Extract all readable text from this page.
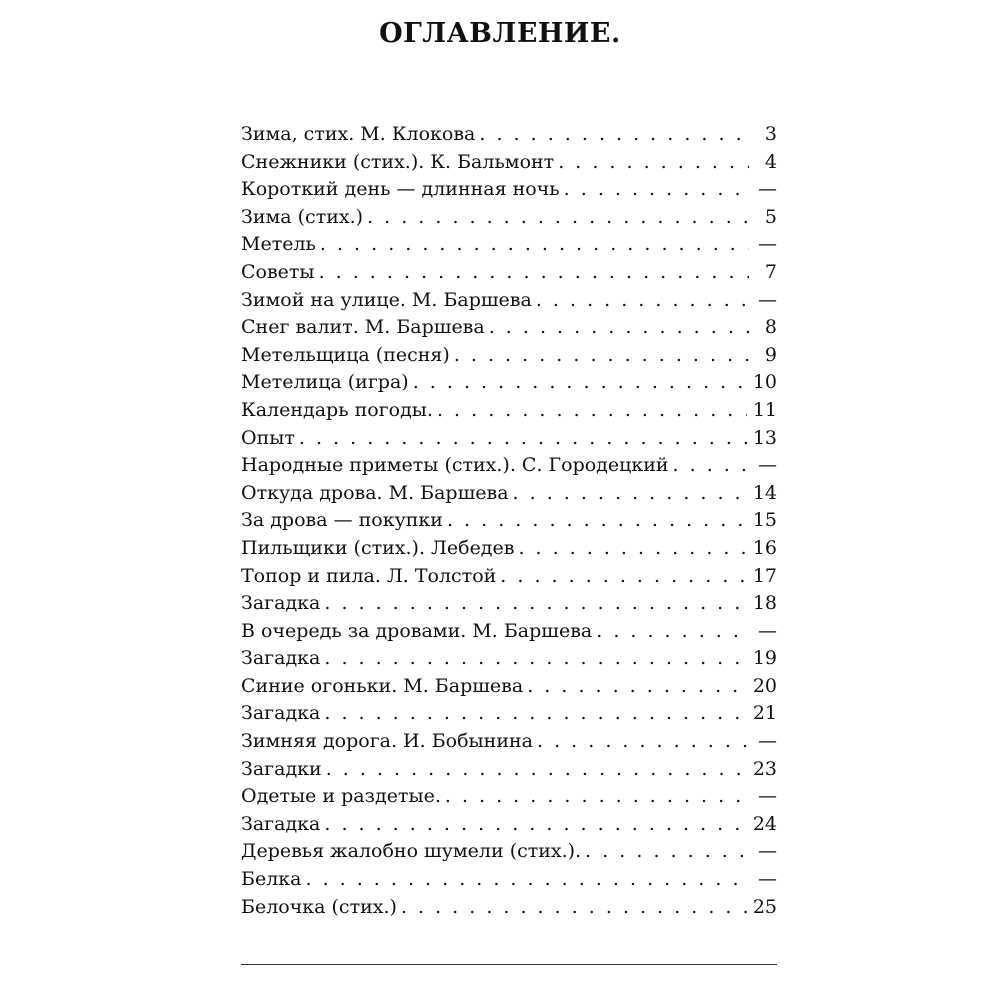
ОГЛАВЛЕНИЕ.
Зима, стих. М. Клокова . . .	3
Снежники (стих.). К. Бальмонт . . .	4
Короткий день — длинная ночь . . .	—
Зима (стих.) . . .	5
Метель . . .	—
Советы . . .	7
Зимой на улице. М. Баршева . . .	—
Снег валит. М. Баршева . . .	8
Метельщица (песня) . . .	9
Метелица (игра) . . .	10
Календарь погоды. . . .	11
Опыт . . .	13
Народные приметы (стих.). С. Городецкий . . .	—
Откуда дрова. М. Баршева . . .	14
За дрова — покупки . . .	15
Пильщики (стих.). Лебедев . . .	16
Топор и пила. Л. Толстой . . .	17
Загадка . . .	18
В очередь за дровами. М. Баршева . . .	—
Загадка . . .	19
Синие огоньки. М. Баршева . . .	20
Загадка . . .	21
Зимняя дорога. И. Бобынина . . .	—
Загадки . . .	23
Одетые и раздетые. . . .	—
Загадка . . .	24
Деревья жалобно шумели (стих.). . . .	—
Белка . . .	—
Белочка (стих.) . . .	25
